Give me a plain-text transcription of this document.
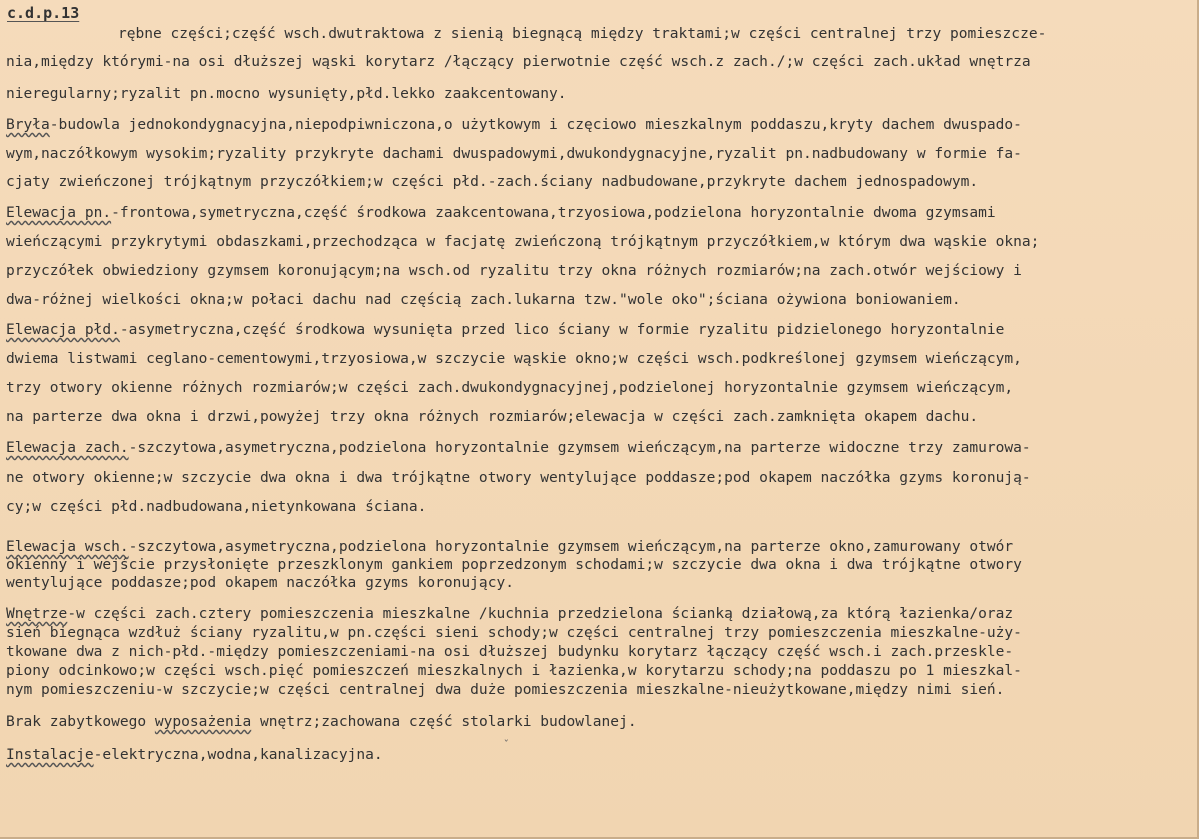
c.d.p.13

rębne części;część wsch.dwutraktowa z sienią biegnącą między traktami;w części centralnej trzy pomieszcze-

nia,między którymi-na osi dłuższej wąski korytarz /łączący pierwotnie część wsch.z zach./;w części zach.układ wnętrza

nieregularny;ryzalit pn.mocno wysunięty,płd.lekko zaakcentowany.

Bryła-budowla jednokondygnacyjna,niepodpiwniczona,o użytkowym i częciowo mieszkalnym poddaszu,kryty dachem dwuspado-

wym,naczółkowym wysokim;ryzality przykryte dachami dwuspadowymi,dwukondygnacyjne,ryzalit pn.nadbudowany w formie fa-

cjaty zwieńczonej trójkątnym przyczółkiem;w części płd.-zach.ściany nadbudowane,przykryte dachem jednospadowym.

Elewacja pn.-frontowa,symetryczna,część środkowa zaakcentowana,trzyosiowa,podzielona horyzontalnie dwoma gzymsami

wieńczącymi przykrytymi obdaszkami,przechodząca w facjatę zwieńczoną trójkątnym przyczółkiem,w którym dwa wąskie okna;

przyczółek obwiedziony gzymsem koronującym;na wsch.od ryzalitu trzy okna różnych rozmiarów;na zach.otwór wejściowy i

dwa-różnej wielkości okna;w połaci dachu nad częścią zach.lukarna tzw."wole oko";ściana ożywiona boniowaniem.

Elewacja płd.-asymetryczna,część środkowa wysunięta przed lico ściany w formie ryzalitu pidzielonego horyzontalnie

dwiema listwami ceglano-cementowymi,trzyosiowa,w szczycie wąskie okno;w części wsch.podkreślonej gzymsem wieńczącym,

trzy otwory okienne różnych rozmiarów;w części zach.dwukondygnacyjnej,podzielonej horyzontalnie gzymsem wieńczącym,

na parterze dwa okna i drzwi,powyżej trzy okna różnych rozmiarów;elewacja w części zach.zamknięta okapem dachu.

Elewacja zach.-szczytowa,asymetryczna,podzielona horyzontalnie gzymsem wieńczącym,na parterze widoczne trzy zamurowa-

ne otwory okienne;w szczycie dwa okna i dwa trójkątne otwory wentylujące poddasze;pod okapem naczółka gzyms koronują-

cy;w części płd.nadbudowana,nietynkowana ściana.

Elewacja wsch.-szczytowa,asymetryczna,podzielona horyzontalnie gzymsem wieńczącym,na parterze okno,zamurowany otwór

okienny i wejście przysłonięte przeszklonym gankiem poprzedzonym schodami;w szczycie dwa okna i dwa trójkątne otwory

wentylujące poddasze;pod okapem naczółka gzyms koronujący.

Wnętrze-w części zach.cztery pomieszczenia mieszkalne /kuchnia przedzielona ścianką działową,za którą łazienka/oraz

sień biegnąca wzdłuż ściany ryzalitu,w pn.części sieni schody;w części centralnej trzy pomieszczenia mieszkalne-uży-

tkowane dwa z nich-płd.-między pomieszczeniami-na osi dłuższej budynku korytarz łączący część wsch.i zach.przesklе-

piony odcinkowo;w części wsch.pięć pomieszczeń mieszkalnych i łazienka,w korytarzu schody;na poddaszu po 1 mieszkal-

nym pomieszczeniu-w szczycie;w części centralnej dwa duże pomieszczenia mieszkalne-nieużytkowane,między nimi sień.

Brak zabytkowego wyposażenia wnętrz;zachowana część stolarki budowlanej.

Instalacje-elektryczna,wodna,kanalizacyjna.

ˇ
